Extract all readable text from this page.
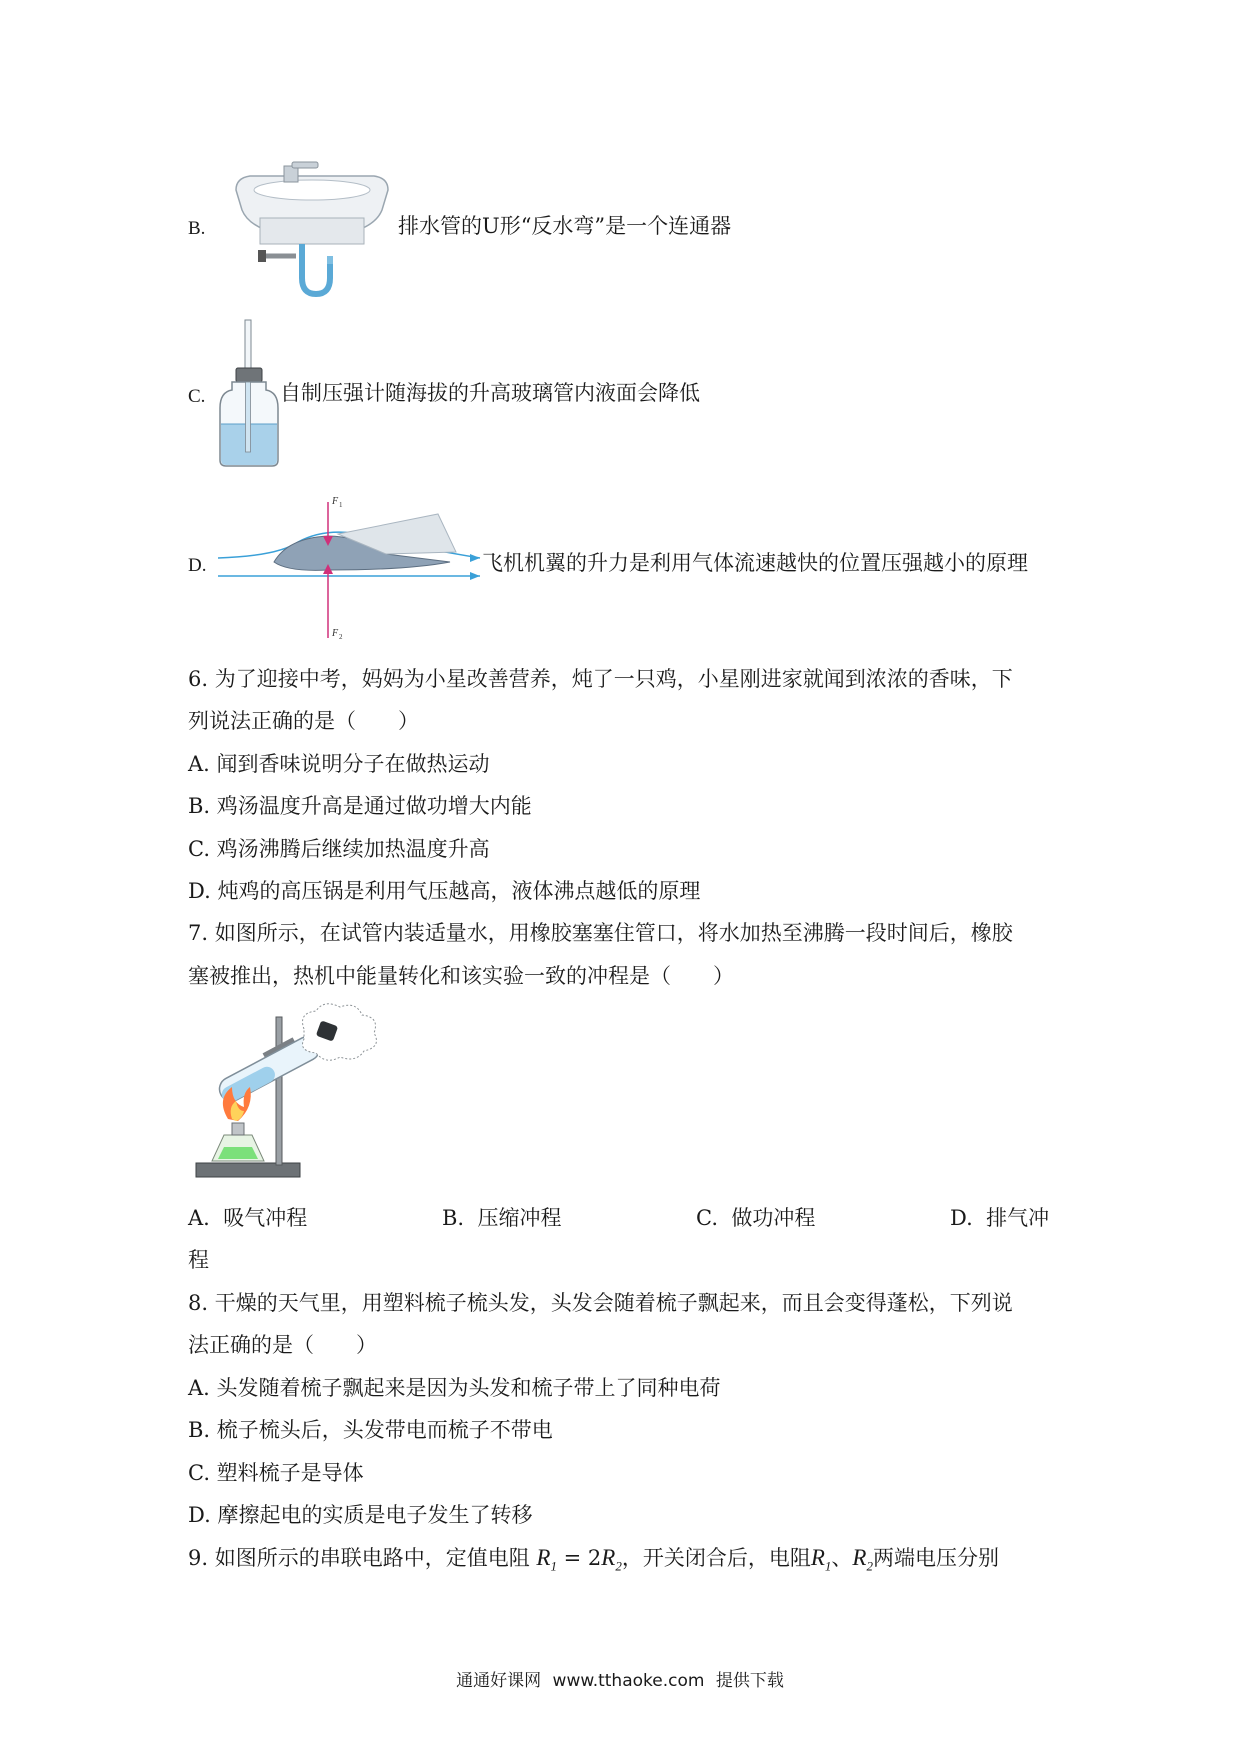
B.	排水管的U形“反水弯”是一个连通器
C.	自制压强计随海拔的升高玻璃管内液面会降低
D.
F 1
F 2
飞机机翼的升力是利用气体流速越快的位置压强越小的原理
6. 为了迎接中考，妈妈为小星改善营养，炖了一只鸡，小星刚进家就闻到浓浓的香味，下
列说法正确的是（　　）
A. 闻到香味说明分子在做热运动
B. 鸡汤温度升高是通过做功增大内能
C. 鸡汤沸腾后继续加热温度升高
D. 炖鸡的高压锅是利用气压越高，液体沸点越低的原理
7. 如图所示，在试管内装适量水，用橡胶塞塞住管口，将水加热至沸腾一段时间后，橡胶
塞被推出，热机中能量转化和该实验一致的冲程是（　　）
A. 吸气冲程	B. 压缩冲程	C. 做功冲程	D. 排气冲
程
8. 干燥的天气里，用塑料梳子梳头发，头发会随着梳子飘起来，而且会变得蓬松，下列说
法正确的是（　　）
A. 头发随着梳子飘起来是因为头发和梳子带上了同种电荷
B. 梳子梳头后，头发带电而梳子不带电
C. 塑料梳子是导体
D. 摩擦起电的实质是电子发生了转移
9. 如图所示的串联电路中，定值电阻 $R_1 = 2R_2$，开关闭合后，电阻$R_1$、$R_2$两端电压分别
通通好课网 www.tthaoke.com 提供下载
